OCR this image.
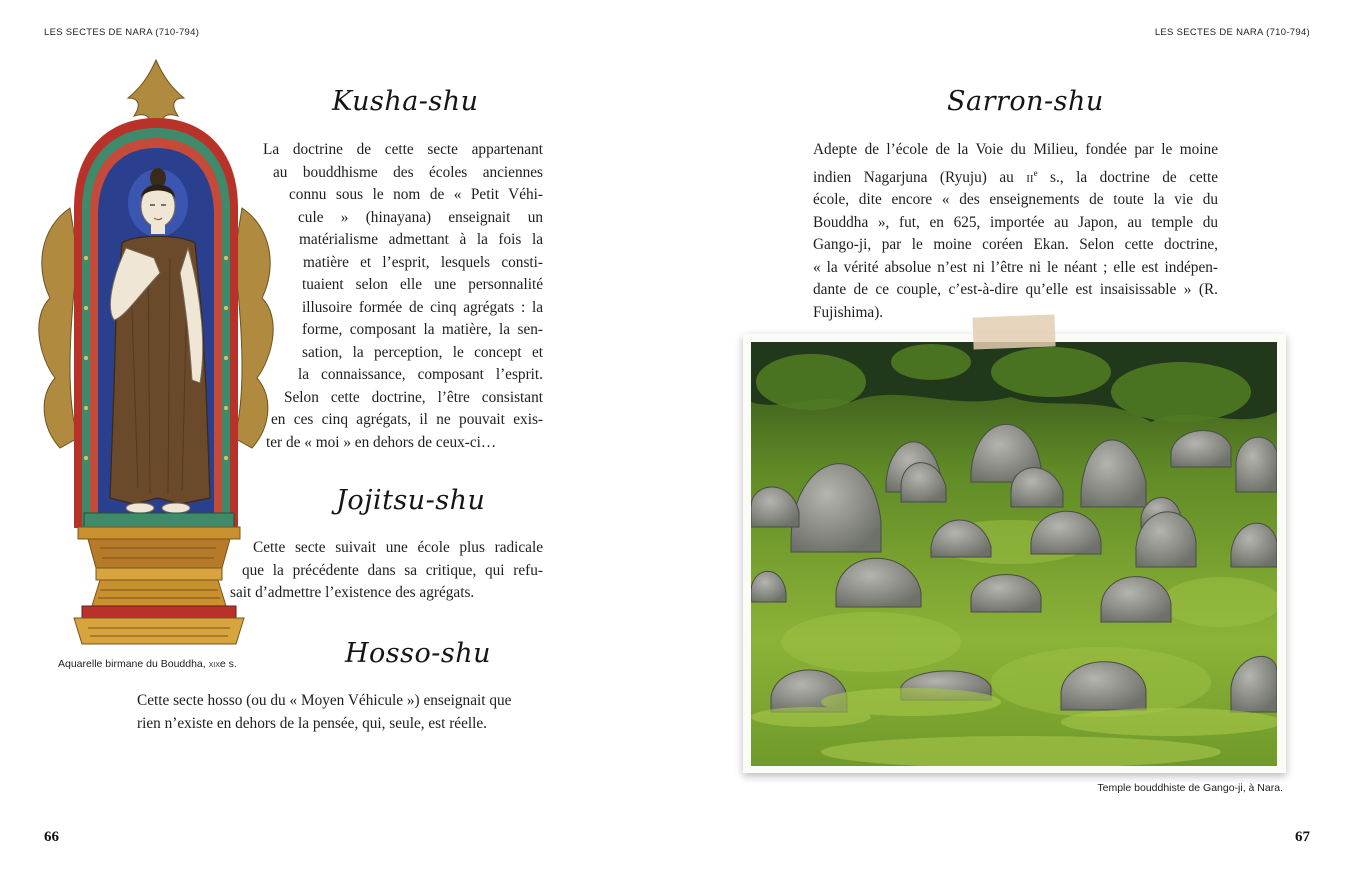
LES SECTES DE NARA (710-794)	LES SECTES DE NARA (710-794)
Aquarelle birmane du Bouddha, xixe s.
Kusha-shu
La doctrine de cette secte appartenant
au bouddhisme des écoles anciennes
connu sous le nom de « Petit Véhi-
cule » (hinayana) enseignait un
matérialisme admettant à la fois la
matière et l’esprit, lesquels consti-
tuaient selon elle une personnalité
illusoire formée de cinq agrégats : la
forme, composant la matière, la sen-
sation, la perception, le concept et
la connaissance, composant l’esprit.
Selon cette doctrine, l’être consistant
en ces cinq agrégats, il ne pouvait exis-
ter de « moi » en dehors de ceux-ci…
Jojitsu-shu
Cette secte suivait une école plus radicale
que la précédente dans sa critique, qui refu-
sait d’admettre l’existence des agrégats.
Hosso-shu
Cette secte hosso (ou du « Moyen Véhicule ») enseignait que
rien n’existe en dehors de la pensée, qui, seule, est réelle.
Sarron-shu
Adepte de l’école de la Voie du Milieu, fondée par le moine
indien Nagarjuna (Ryuju) au $ii^e$ s., la doctrine de cette
école, dite encore « des enseignements de toute la vie du
Bouddha », fut, en 625, importée au Japon, au temple du
Gango-ji, par le moine coréen Ekan. Selon cette doctrine,
« la vérité absolue n’est ni l’être ni le néant ; elle est indépen-
dante de ce couple, c’est-à-dire qu’elle est insaisissable » (R.
Fujishima).
Temple bouddhiste de Gango-ji, à Nara.
66	67
